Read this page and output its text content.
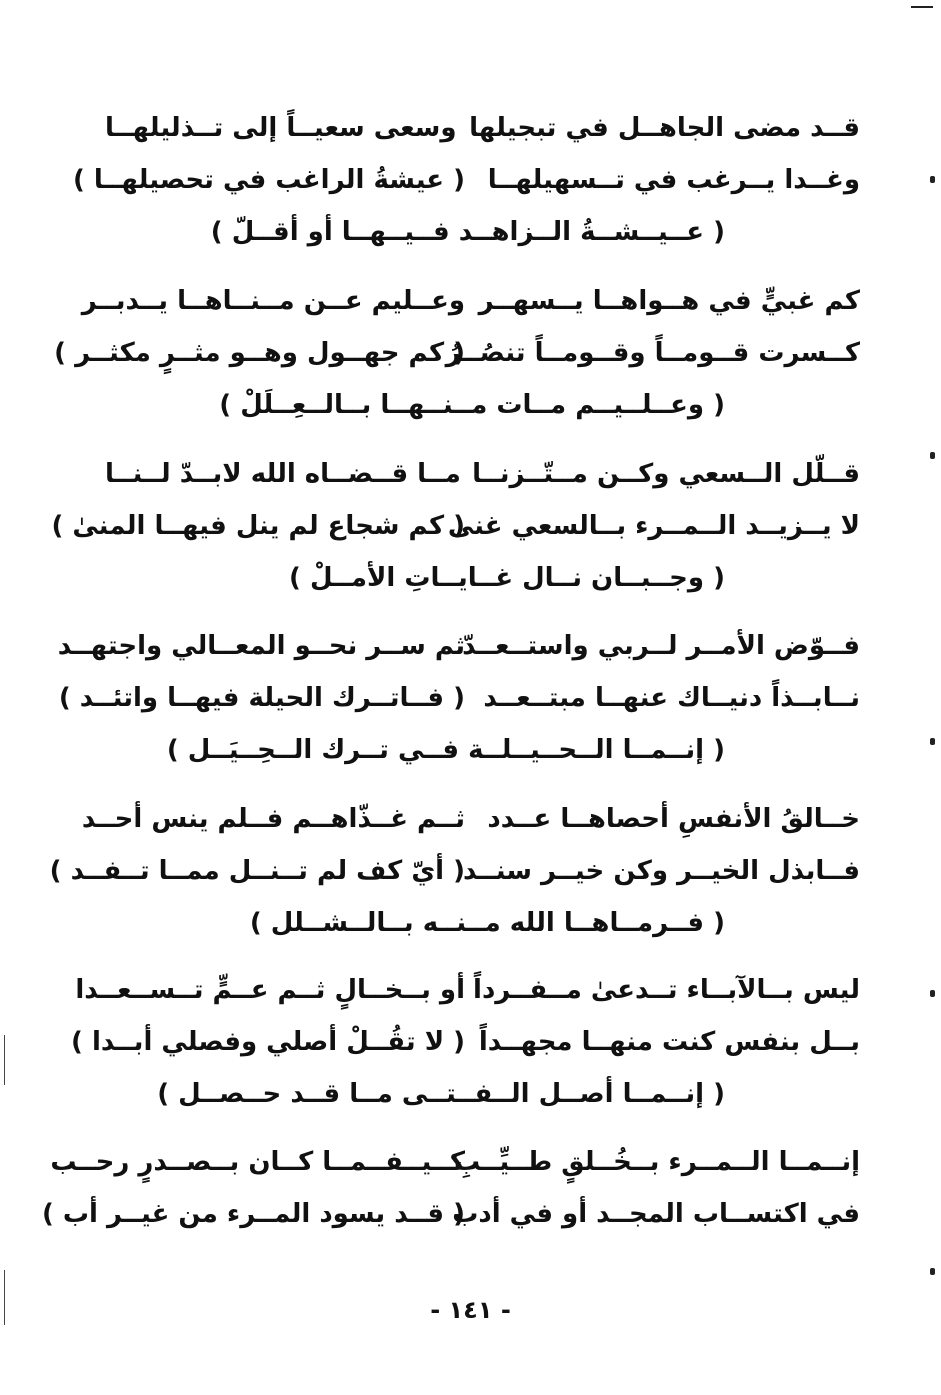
قــد مضى الجاهــل في تبجيلها
وسعى سعيــاً إلى تــذليلهــا
وغــدا يــرغب في تــسهيلهــا
( عيشةُ الراغب في تحصيلهــا )
( عــيــشــةُ الــزاهــد فــيــهــا أو أقــلّ )
كم غبيٍّ في هــواهــا يــسهــر
وعــليم عــن مــنــاهــا يــدبــر
كــسرت قــومــاً وقــومــاً تنصُــرُ
( كم جهــول وهــو مثــرٍ مكثــر )
( وعــلــيــم مــات مــنــهــا بــالــعِــلَلْ )
قــلّل الــسعي وكــن مــتّــزنــا
مــا قــضــاه الله لابــدّ لــنــا
لا يــزيــد الــمــرء بــالسعي غنى
( كم شجاع لم ينل فيهــا المنىٰ )
( وجــبــان نــال غــايــاتِ الأمــلْ )
فــوّض الأمــر لــربي واستــعــدّ
ثم ســر نحــو المعــالي واجتهــد
نــابــذاً دنيــاك عنهــا مبتــعــد
( فــاتــرك الحيلة فيهــا واتئــد )
( إنــمــا الــحــيــلــة فــي تــرك الــحِــيَــل )
خــالقُ الأنفسِ أحصاهــا عــدد
ثــم غــذّاهــم فــلم ينس أحــد
فــابذل الخيــر وكن خيــر سنــد
( أيّ كف لم تــنــل ممــا تــفــد )
( فــرمــاهــا الله مــنــه بــالــشــلل )
ليس بــالآبــاء تــدعىٰ مــفــرداً
أو بــخــالٍ ثــم عــمٍّ تــســعــدا
بــل بنفس كنت منهــا مجهــداً
( لا تقُــلْ أصلي وفصلي أبــدا )
( إنــمــا أصــل الــفــتــى مــا قــد حــصــل )
إنــمــا الــمــرء بــخُــلقٍ طــيِّــبِ
كــيــفــمــا كــان بــصــدرٍ رحــب
في اكتســاب المجــد أو في أدب
( قــد يسود المــرء من غيــر أب )
- ١٤١ -
